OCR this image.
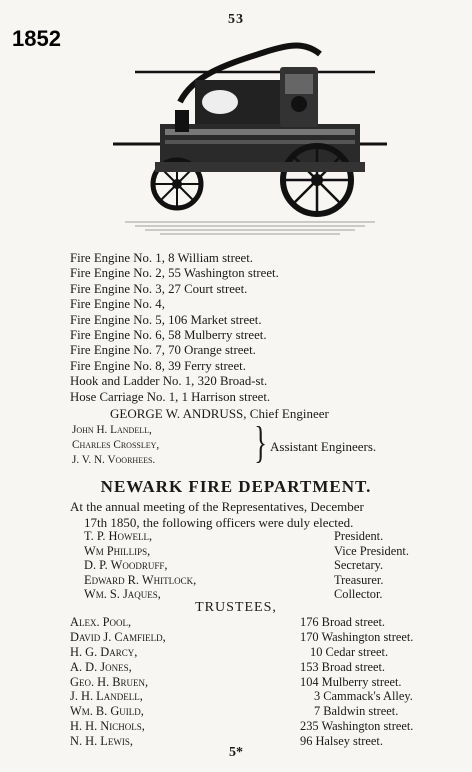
1852
53
Fire Engine No. 1, 8 William street.
Fire Engine No. 2, 55 Washington street.
Fire Engine No. 3, 27 Court street.
Fire Engine No. 4,
Fire Engine No. 5, 106 Market street.
Fire Engine No. 6, 58 Mulberry street.
Fire Engine No. 7, 70 Orange street.
Fire Engine No. 8, 39 Ferry street.
Hook and Ladder No. 1, 320 Broad-st.
Hose Carriage No. 1, 1 Harrison street.
GEORGE W. ANDRUSS, Chief Engineer
John H. Landell,
Charles Crossley,
J. V. N. Voorhees. } Assistant Engineers.
NEWARK FIRE DEPARTMENT.
At the annual meeting of the Representatives, December
17th 1850, the following officers were duly elected.
T. P. Howell,	President.
Wm Phillips,	Vice President.
D. P. Woodruff,	Secretary.
Edward R. Whitlock,	Treasurer.
Wm. S. Jaques,	Collector.
TRUSTEES,
Alex. Pool,	176 Broad street.
David J. Camfield,	170 Washington street.
H. G. Darcy,	10 Cedar street.
A. D. Jones,	153 Broad street.
Geo. H. Bruen,	104 Mulberry street.
J. H. Landell,	3 Cammack's Alley.
Wm. B. Guild,	7 Baldwin street.
H. H. Nichols,	235 Washington street.
N. H. Lewis,	96 Halsey street.
5*
